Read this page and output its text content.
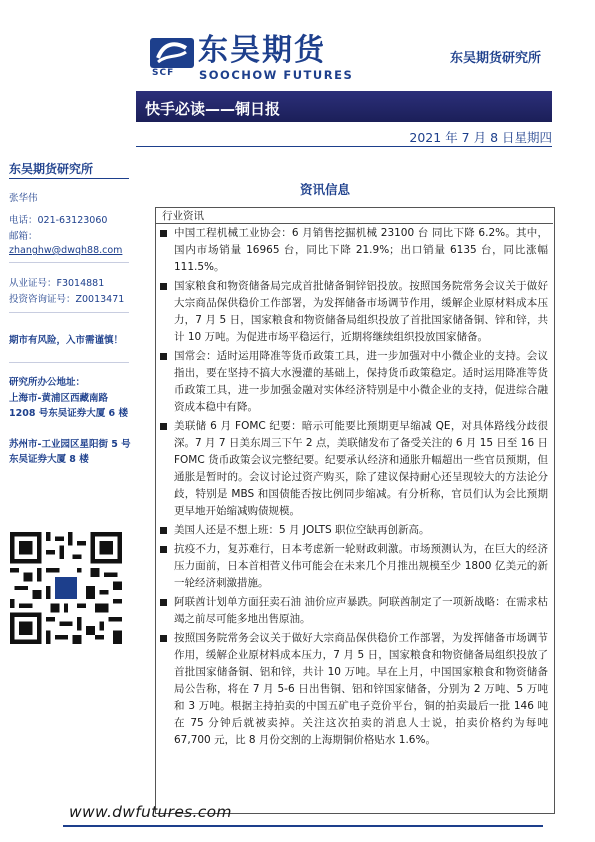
东吴期货
SCF SOOCHOW FUTURES
东吴期货研究所
快手必读——铜日报
2021 年 7 月 8 日星期四
东吴期货研究所
张华伟
电话：021-63123060
邮箱：
zhanghw@dwqh88.com
从业证号：F3014881
投资咨询证号：Z0013471
期市有风险，入市需谨慎！
研究所办公地址：
上海市-黄浦区西藏南路1208 号东吴证券大厦 6 楼
苏州市-工业园区星阳街 5 号东吴证券大厦 8 楼
资讯信息
行业资讯
中国工程机械工业协会：6 月销售挖掘机械 23100 台 同比下降 6.2%。其中，国内市场销量 16965 台，同比下降 21.9%；出口销量 6135 台，同比涨幅 111.5%。
国家粮食和物资储备局完成首批储备铜锌铝投放。按照国务院常务会议关于做好大宗商品保供稳价工作部署，为发挥储备市场调节作用，缓解企业原材料成本压力，7 月 5 日，国家粮食和物资储备局组织投放了首批国家储备铜、锌和锌，共计 10 万吨。为促进市场平稳运行，近期将继续组织投放国家储备。
国常会：适时运用降准等货币政策工具，进一步加强对中小微企业的支持。会议指出，要在坚持不搞大水漫灌的基础上，保持货币政策稳定。适时运用降准等货币政策工具，进一步加强金融对实体经济特别是中小微企业的支持，促进综合融资成本稳中有降。
美联储 6 月 FOMC 纪要：暗示可能要比预期更早缩减 QE，对具体路线分歧很深。7 月 7 日美东周三下午 2 点，美联储发布了备受关注的 6 月 15 日至 16 日 FOMC 货币政策会议完整纪要。纪要承认经济和通胀升幅超出一些官员预期，但通胀是暂时的。会议讨论过资产购买，除了建议保持耐心还呈现较大的方法论分歧，特别是 MBS 和国债能否按比例同步缩减。有分析称，官员们认为会比预期更早地开始缩减购债规模。
美国人还是不想上班：5 月 JOLTS 职位空缺再创新高。
抗疫不力，复苏难行，日本考虑新一轮财政刺激。市场预测认为，在巨大的经济压力面前，日本首相菅义伟可能会在未来几个月推出规模至少 1800 亿美元的新一轮经济刺激措施。
阿联酋计划单方面狂卖石油 油价应声暴跌。阿联酋制定了一项新战略：在需求枯竭之前尽可能多地出售原油。
按照国务院常务会议关于做好大宗商品保供稳价工作部署，为发挥储备市场调节作用，缓解企业原材料成本压力，7 月 5 日，国家粮食和物资储备局组织投放了首批国家储备铜、铝和锌，共计 10 万吨。早在上月，中国国家粮食和物资储备局公告称，将在 7 月 5-6 日出售铜、铝和锌国家储备，分别为 2 万吨、5 万吨和 3 万吨。根据主持拍卖的中国五矿电子竞价平台，铜的拍卖最后一批 146 吨在 75 分钟后就被卖掉。关注这次拍卖的消息人士说，拍卖价格约为每吨 67,700 元，比 8 月份交割的上海期铜价格贴水 1.6%。
www.dwfutures.com
